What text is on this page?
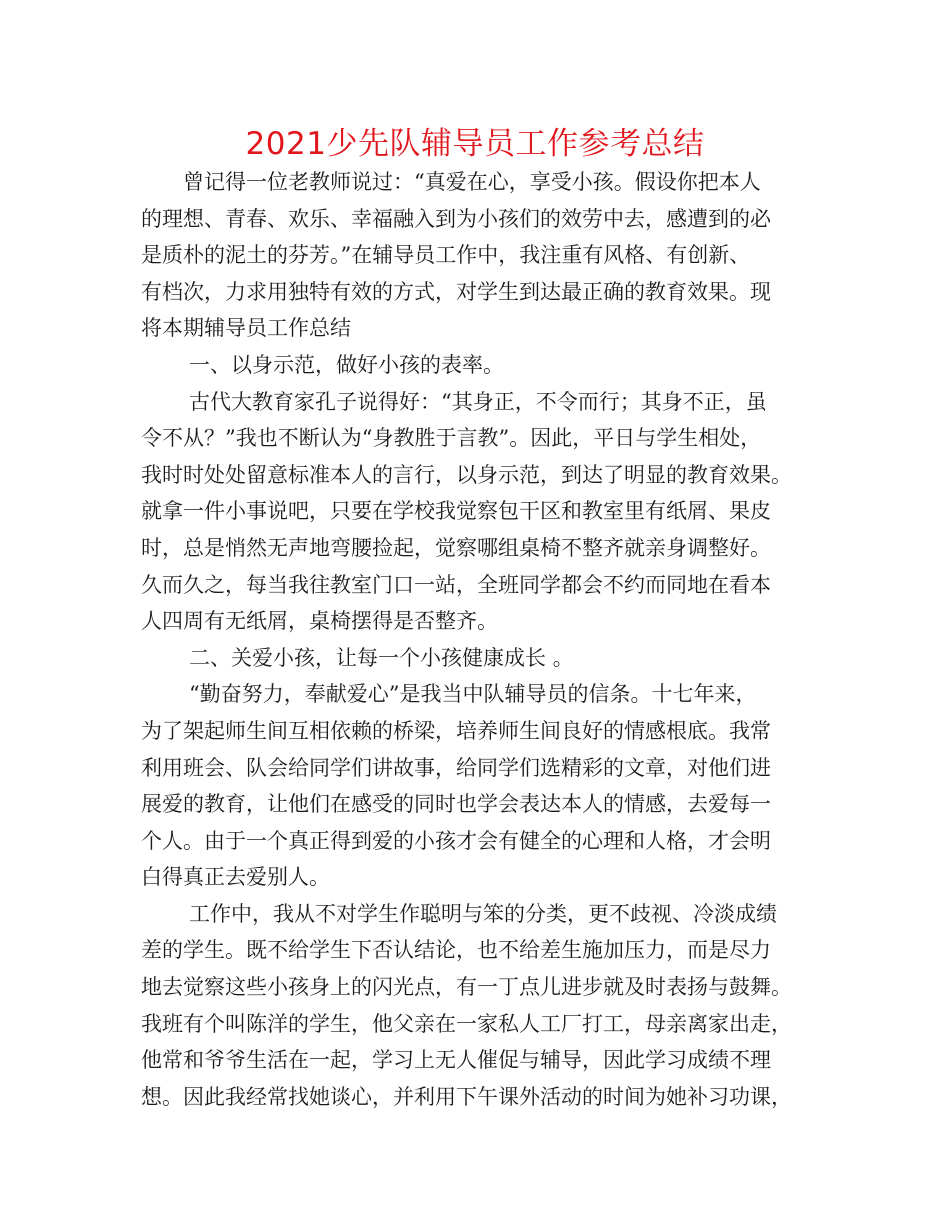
2021少先队辅导员工作参考总结
曾记得一位老教师说过：“真爱在心，享受小孩。假设你把本人
的理想、青春、欢乐、幸福融入到为小孩们的效劳中去，感遭到的必
是质朴的泥土的芬芳。”在辅导员工作中，我注重有风格、有创新、
有档次，力求用独特有效的方式，对学生到达最正确的教育效果。现
将本期辅导员工作总结
一、以身示范，做好小孩的表率。
古代大教育家孔子说得好：“其身正，不令而行；其身不正，虽
令不从？”我也不断认为“身教胜于言教”。因此，平日与学生相处，
我时时处处留意标准本人的言行，以身示范，到达了明显的教育效果。
就拿一件小事说吧，只要在学校我觉察包干区和教室里有纸屑、果皮
时，总是悄然无声地弯腰捡起，觉察哪组桌椅不整齐就亲身调整好。
久而久之，每当我往教室门口一站，全班同学都会不约而同地在看本
人四周有无纸屑，桌椅摆得是否整齐。
二、关爱小孩，让每一个小孩健康成长 。
“勤奋努力，奉献爱心”是我当中队辅导员的信条。十七年来，
为了架起师生间互相依赖的桥梁，培养师生间良好的情感根底。我常
利用班会、队会给同学们讲故事，给同学们选精彩的文章，对他们进
展爱的教育，让他们在感受的同时也学会表达本人的情感，去爱每一
个人。由于一个真正得到爱的小孩才会有健全的心理和人格，才会明
白得真正去爱别人。
工作中，我从不对学生作聪明与笨的分类，更不歧视、冷淡成绩
差的学生。既不给学生下否认结论，也不给差生施加压力，而是尽力
地去觉察这些小孩身上的闪光点，有一丁点儿进步就及时表扬与鼓舞。
我班有个叫陈洋的学生，他父亲在一家私人工厂打工，母亲离家出走，
他常和爷爷生活在一起，学习上无人催促与辅导，因此学习成绩不理
想。因此我经常找她谈心，并利用下午课外活动的时间为她补习功课，
